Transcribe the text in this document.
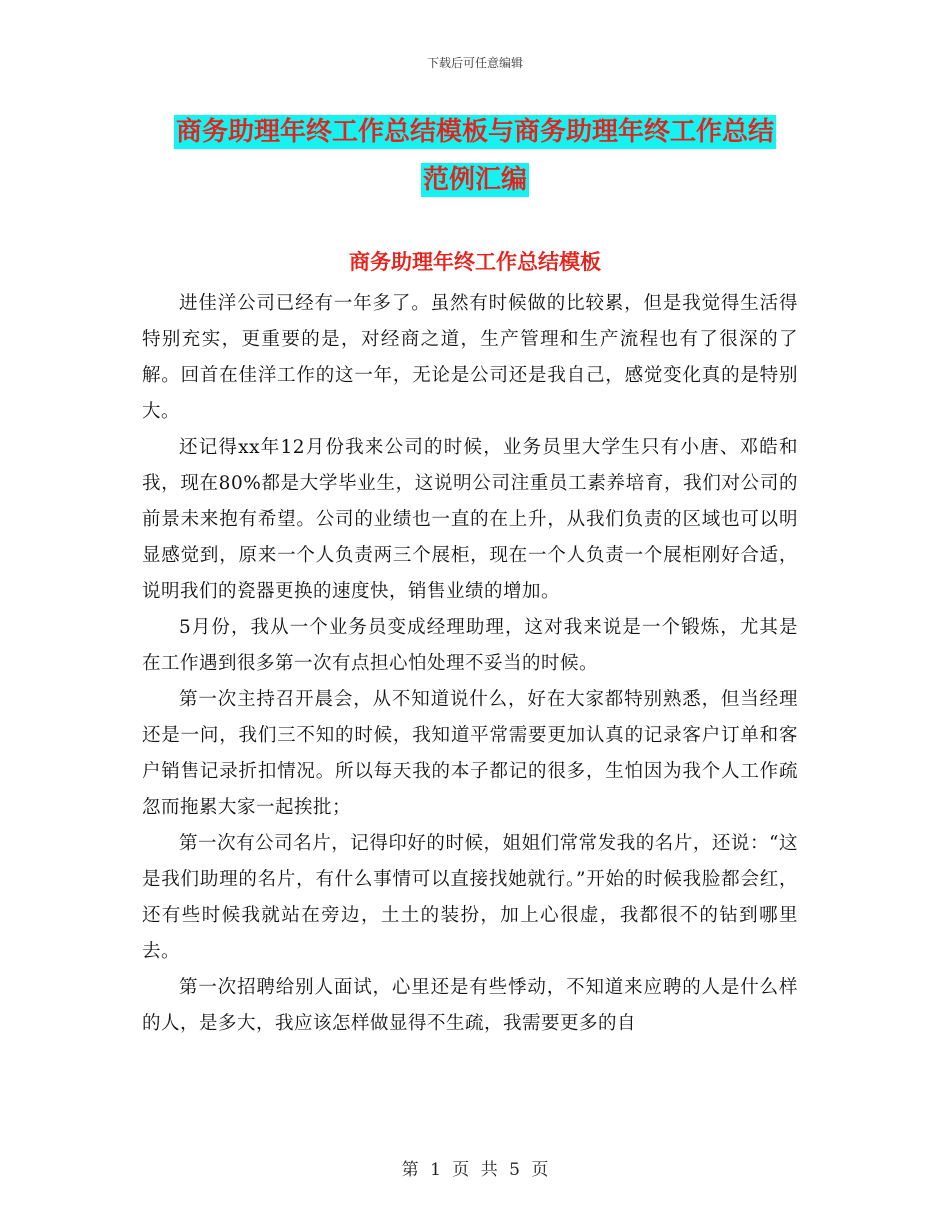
下载后可任意编辑
商务助理年终工作总结模板与商务助理年终工作总结
范例汇编
商务助理年终工作总结模板

进佳洋公司已经有一年多了。虽然有时候做的比较累，但是我觉得生活得特别充实，更重要的是，对经商之道，生产管理和生产流程也有了很深的了解。回首在佳洋工作的这一年，无论是公司还是我自己，感觉变化真的是特别大。

还记得xx年12月份我来公司的时候，业务员里大学生只有小唐、邓皓和我，现在80%都是大学毕业生，这说明公司注重员工素养培育，我们对公司的前景未来抱有希望。公司的业绩也一直的在上升，从我们负责的区域也可以明显感觉到，原来一个人负责两三个展柜，现在一个人负责一个展柜刚好合适，说明我们的瓷器更换的速度快，销售业绩的增加。

5月份，我从一个业务员变成经理助理，这对我来说是一个锻炼，尤其是在工作遇到很多第一次有点担心怕处理不妥当的时候。

第一次主持召开晨会，从不知道说什么，好在大家都特别熟悉，但当经理还是一问，我们三不知的时候，我知道平常需要更加认真的记录客户订单和客户销售记录折扣情况。所以每天我的本子都记的很多，生怕因为我个人工作疏忽而拖累大家一起挨批；

第一次有公司名片，记得印好的时候，姐姐们常常发我的名片，还说：“这是我们助理的名片，有什么事情可以直接找她就行。”开始的时候我脸都会红，还有些时候我就站在旁边，土土的装扮，加上心很虚，我都很不的钻到哪里去。

第一次招聘给别人面试，心里还是有些悸动，不知道来应聘的人是什么样的人，是多大，我应该怎样做显得不生疏，我需要更多的自

第 1 页 共 5 页
